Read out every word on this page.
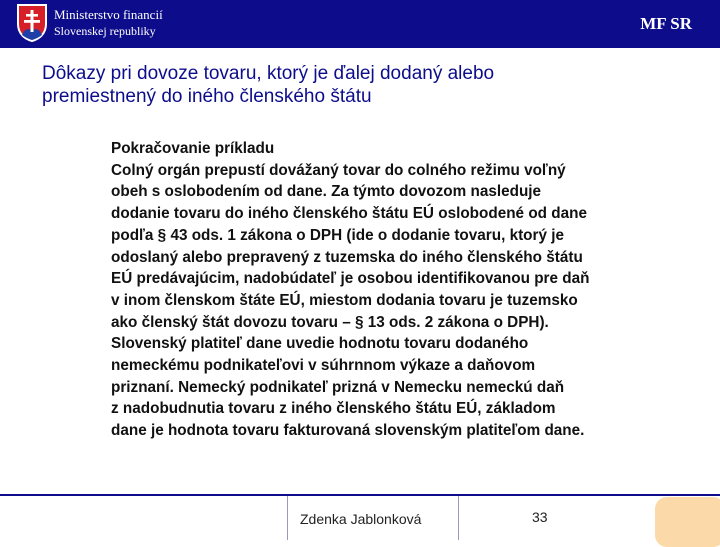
Ministerstvo financií
Slovenskej republiky	MF SR
Dôkazy pri dovoze tovaru, ktorý je ďalej dodaný alebo
premiestnený do iného členského štátu
Pokračovanie príkladu
Colný orgán prepustí dovážaný tovar do colného režimu voľný
obeh s oslobodením od dane. Za týmto dovozom nasleduje
dodanie tovaru do iného členského štátu EÚ oslobodené od dane
podľa § 43 ods. 1 zákona o DPH (ide o dodanie tovaru, ktorý je
odoslaný alebo prepravený z tuzemska do iného členského štátu
EÚ predávajúcim, nadobúdateľ je osobou identifikovanou pre daň
v inom členskom štáte EÚ, miestom dodania tovaru je tuzemsko
ako členský štát dovozu tovaru – § 13 ods. 2 zákona o DPH).
Slovenský platiteľ dane uvedie hodnotu tovaru dodaného
nemeckému podnikateľovi v súhrnnom výkaze a daňovom
priznaní. Nemecký podnikateľ prizná v Nemecku nemeckú daň
z nadobudnutia tovaru z iného členského štátu EÚ, základom
dane je hodnota tovaru fakturovaná slovenským platiteľom dane.
Zdenka Jablonková	33
